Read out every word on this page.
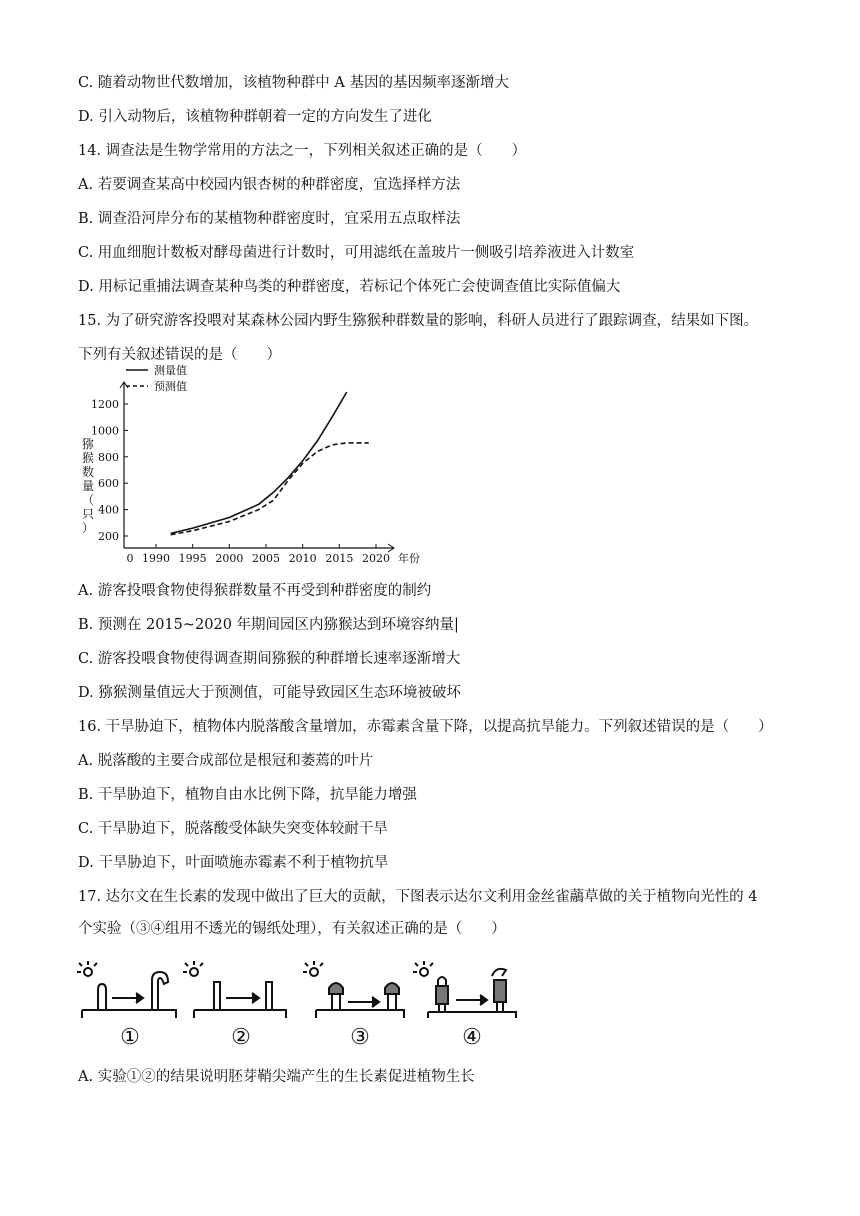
C. 随着动物世代数增加，该植物种群中 A 基因的基因频率逐渐增大
D. 引入动物后，该植物种群朝着一定的方向发生了进化
14. 调查法是生物学常用的方法之一，下列相关叙述正确的是（　　）
A. 若要调查某高中校园内银杏树的种群密度，宜选择样方法
B. 调查沿河岸分布的某植物种群密度时，宜采用五点取样法
C. 用血细胞计数板对酵母菌进行计数时，可用滤纸在盖玻片一侧吸引培养液进入计数室
D. 用标记重捕法调查某种鸟类的种群密度，若标记个体死亡会使调查值比实际值偏大
15. 为了研究游客投喂对某森林公园内野生猕猴种群数量的影响，科研人员进行了跟踪调查，结果如下图。
下列有关叙述错误的是（　　）
200
400
600
800
1000
1200
0 1990 1995 2000 2005 2010 2015 2020 年份
猕
猴
数
量
（
只
）
测量值
预测值
A. 游客投喂食物使得猴群数量不再受到种群密度的制约
B. 预测在 2015~2020 年期间园区内猕猴达到环境容纳量|
C. 游客投喂食物使得调查期间猕猴的种群增长速率逐渐增大
D. 猕猴测量值远大于预测值，可能导致园区生态环境被破坏
16. 干旱胁迫下，植物体内脱落酸含量增加，赤霉素含量下降，以提高抗旱能力。下列叙述错误的是（　　）
A. 脱落酸的主要合成部位是根冠和萎蔫的叶片
B. 干旱胁迫下，植物自由水比例下降，抗旱能力增强
C. 干旱胁迫下，脱落酸受体缺失突变体较耐干旱
D. 干旱胁迫下，叶面喷施赤霉素不利于植物抗旱
17. 达尔文在生长素的发现中做出了巨大的贡献，下图表示达尔文利用金丝雀虉草做的关于植物向光性的 4
个实验（③④组用不透光的锡纸处理），有关叙述正确的是（　　）
①	②	③	④
A. 实验①②的结果说明胚芽鞘尖端产生的生长素促进植物生长
